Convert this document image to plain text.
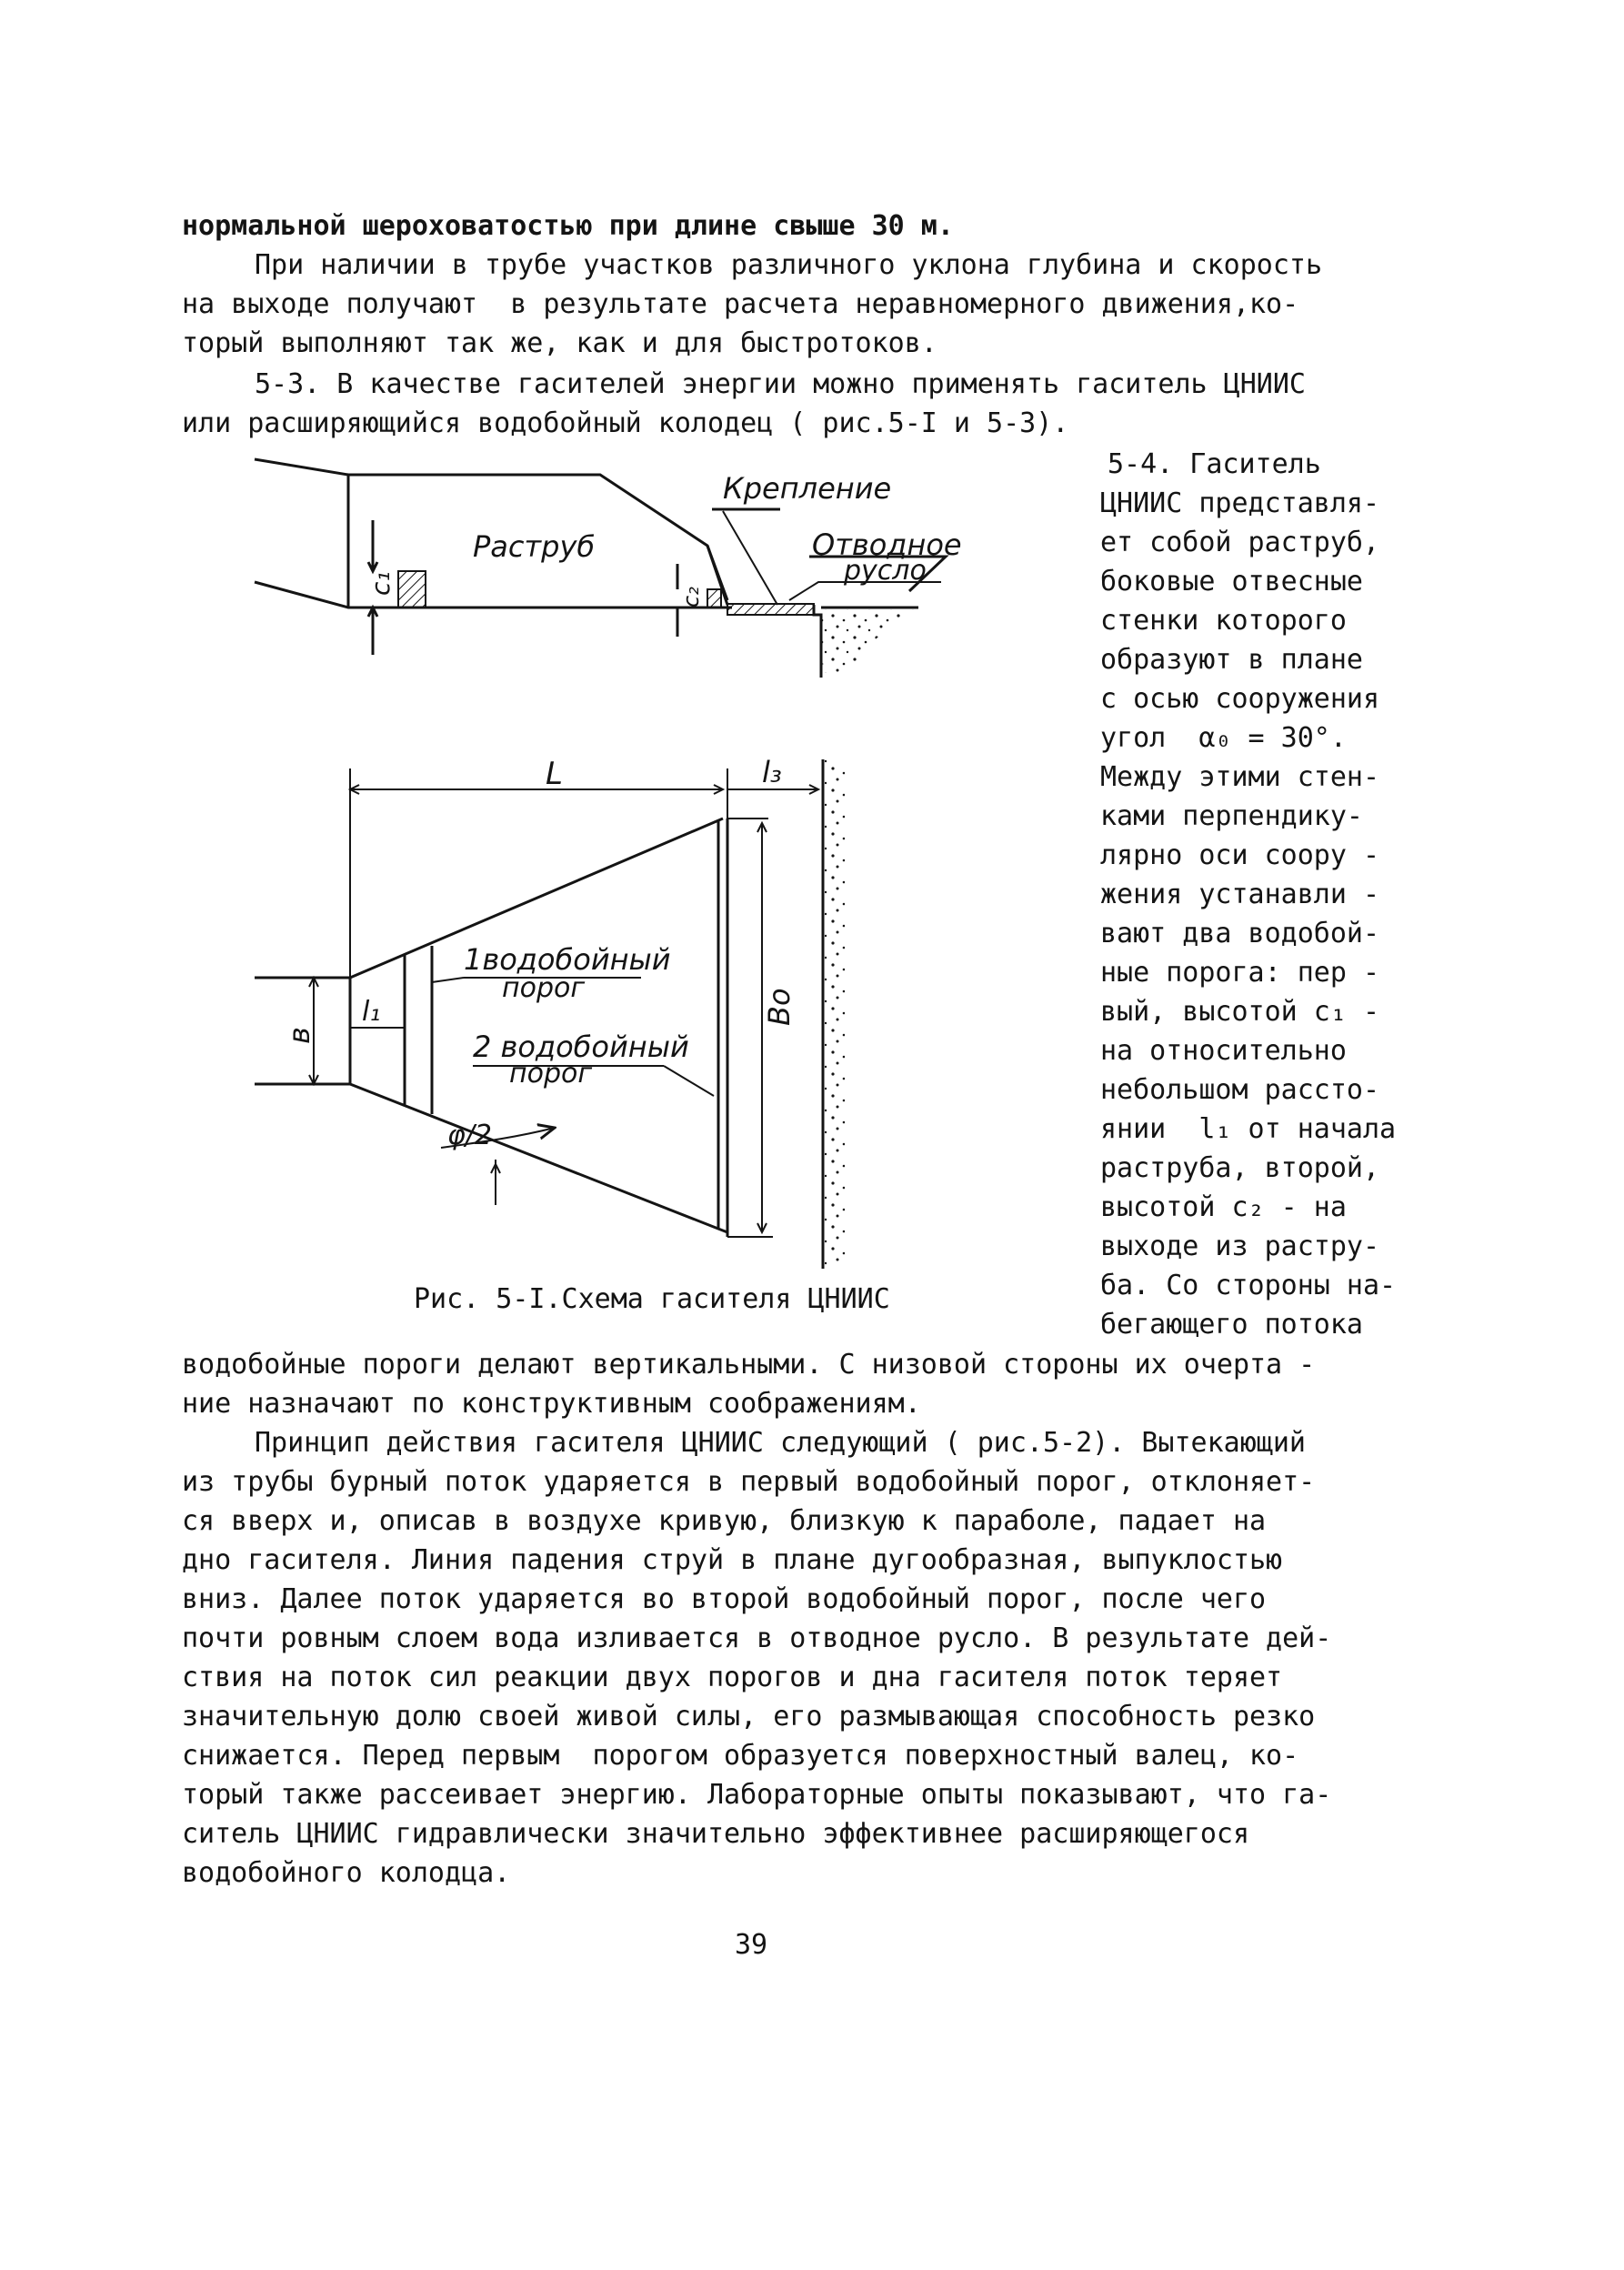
нормальной шероховатостью при длине свыше 30 м.
При наличии в трубе участков различного уклона глубина и скорость
на выходе получают  в результате расчета неравномерного движения,ко-
торый выполняют так же, как и для быстротоков.
5-3. В качестве гасителей энергии можно применять гаситель ЦНИИС
или расширяющийся водобойный колодец ( рис.5-I и 5-3).
5-4. Гаситель
ЦНИИС представля-
ет собой раструб,
боковые отвесные
стенки которого
образуют в плане
с осью сооружения
угол  α₀ = 30°.
Между этими стен-
ками перпендику-
лярно оси соору -
жения устанавли -
вают два водобой-
ные порога: пер -
вый, высотой c₁ -
на относительно
небольшом рассто-
янии  l₁ от начала
раструба, второй,
высотой c₂ - на
выходе из растру-
ба. Со стороны на-
бегающего потока
Раструб
Крепление
Отводное
русло
c₁
c₂
L	l₃
в
l₁	Bo
1водобойный
порог
2 водобойный
порог
φ/2
Рис. 5-I.Схема гасителя ЦНИИС
водобойные пороги делают вертикальными. С низовой стороны их очерта -
ние назначают по конструктивным соображениям.
Принцип действия гасителя ЦНИИС следующий ( рис.5-2). Вытекающий
из трубы бурный поток ударяется в первый водобойный порог, отклоняет-
ся вверх и, описав в воздухе кривую, близкую к параболе, падает на
дно гасителя. Линия падения струй в плане дугообразная, выпуклостью
вниз. Далее поток ударяется во второй водобойный порог, после чего
почти ровным слоем вода изливается в отводное русло. В результате дей-
ствия на поток сил реакции двух порогов и дна гасителя поток теряет
значительную долю своей живой силы, его размывающая способность резко
снижается. Перед первым  порогом образуется поверхностный валец, ко-
торый также рассеивает энергию. Лабораторные опыты показывают, что га-
ситель ЦНИИС гидравлически значительно эффективнее расширяющегося
водобойного колодца.
39
